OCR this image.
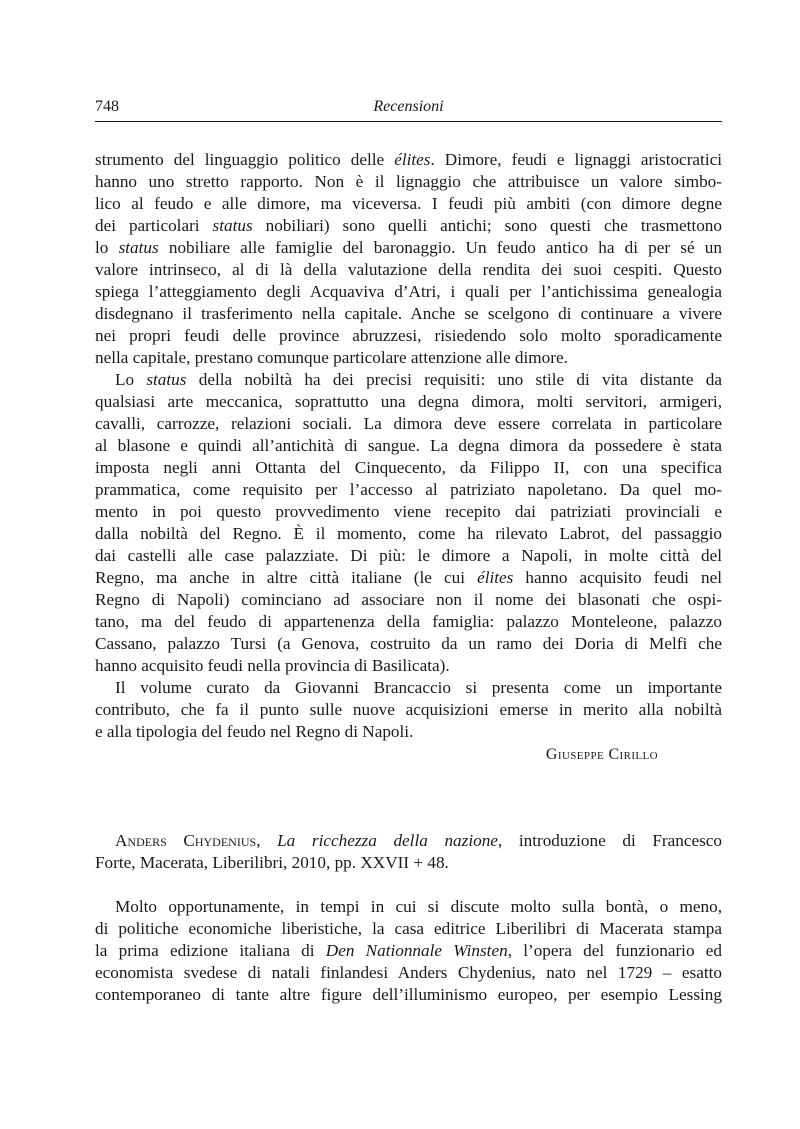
748	Recensioni
strumento del linguaggio politico delle élites. Dimore, feudi e lignaggi aristocratici
hanno uno stretto rapporto. Non è il lignaggio che attribuisce un valore simbo-
lico al feudo e alle dimore, ma viceversa. I feudi più ambiti (con dimore degne
dei particolari status nobiliari) sono quelli antichi; sono questi che trasmettono
lo status nobiliare alle famiglie del baronaggio. Un feudo antico ha di per sé un
valore intrinseco, al di là della valutazione della rendita dei suoi cespiti. Questo
spiega l’atteggiamento degli Acquaviva d’Atri, i quali per l’antichissima genealogia
disdegnano il trasferimento nella capitale. Anche se scelgono di continuare a vivere
nei propri feudi delle province abruzzesi, risiedendo solo molto sporadicamente
nella capitale, prestano comunque particolare attenzione alle dimore.
Lo status della nobiltà ha dei precisi requisiti: uno stile di vita distante da
qualsiasi arte meccanica, soprattutto una degna dimora, molti servitori, armigeri,
cavalli, carrozze, relazioni sociali. La dimora deve essere correlata in particolare
al blasone e quindi all’antichità di sangue. La degna dimora da possedere è stata
imposta negli anni Ottanta del Cinquecento, da Filippo II, con una specifica
prammatica, come requisito per l’accesso al patriziato napoletano. Da quel mo-
mento in poi questo provvedimento viene recepito dai patriziati provinciali e
dalla nobiltà del Regno. È il momento, come ha rilevato Labrot, del passaggio
dai castelli alle case palazziate. Di più: le dimore a Napoli, in molte città del
Regno, ma anche in altre città italiane (le cui élites hanno acquisito feudi nel
Regno di Napoli) cominciano ad associare non il nome dei blasonati che ospi-
tano, ma del feudo di appartenenza della famiglia: palazzo Monteleone, palazzo
Cassano, palazzo Tursi (a Genova, costruito da un ramo dei Doria di Melfi che
hanno acquisito feudi nella provincia di Basilicata).
Il volume curato da Giovanni Brancaccio si presenta come un importante
contributo, che fa il punto sulle nuove acquisizioni emerse in merito alla nobiltà
e alla tipologia del feudo nel Regno di Napoli.
Giuseppe Cirillo
Anders Chydenius, La ricchezza della nazione, introduzione di Francesco
Forte, Macerata, Liberilibri, 2010, pp. XXVII + 48.
Molto opportunamente, in tempi in cui si discute molto sulla bontà, o meno,
di politiche economiche liberistiche, la casa editrice Liberilibri di Macerata stampa
la prima edizione italiana di Den Nationnale Winsten, l’opera del funzionario ed
economista svedese di natali finlandesi Anders Chydenius, nato nel 1729 – esatto
contemporaneo di tante altre figure dell’illuminismo europeo, per esempio Lessing
